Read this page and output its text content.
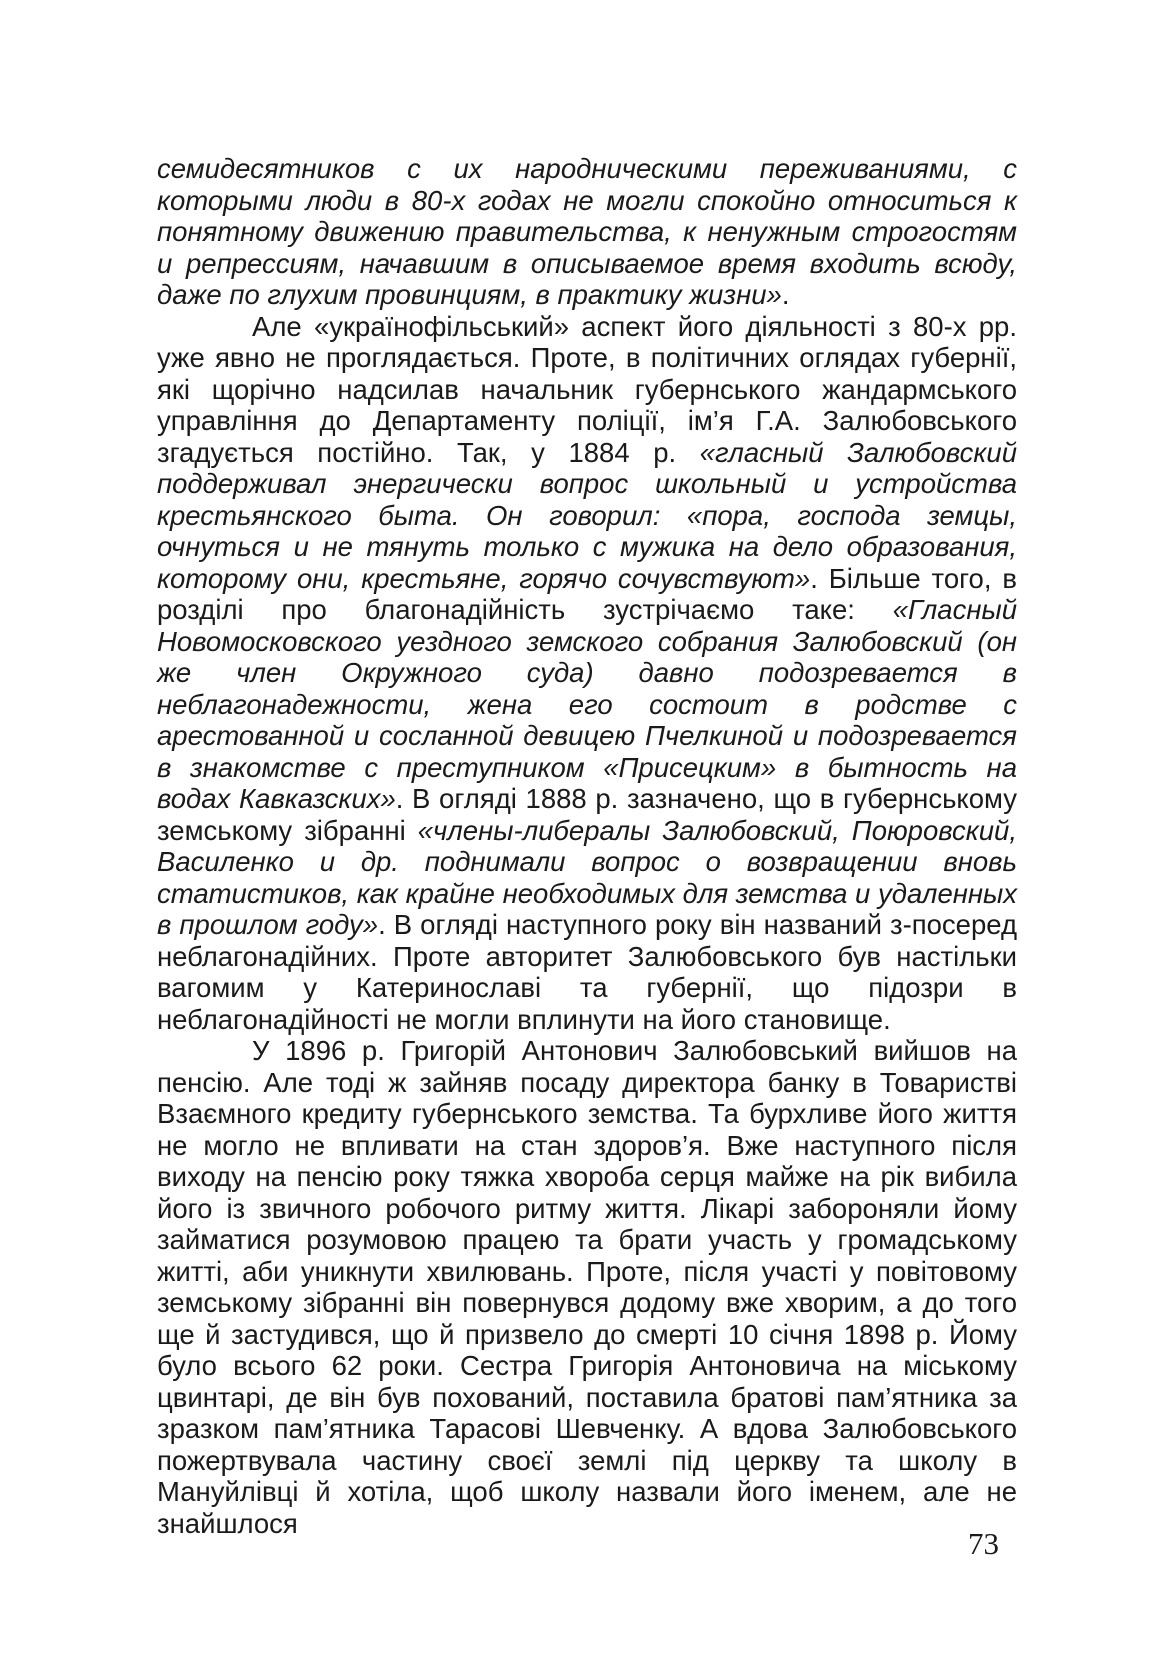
семидесятников с их народническими переживаниями, с которыми люди в 80-х годах не могли спокойно относиться к понятному движению правительства, к ненужным строгостям и репрессиям, начавшим в описываемое время входить всюду, даже по глухим провинциям, в практику жизни».

Але «українофільський» аспект його діяльності з 80-х рр. уже явно не проглядається. Проте, в політичних оглядах губернії, які щорічно надсилав начальник губернського жандармського управління до Департаменту поліції, ім’я Г.А. Залюбовського згадується постійно. Так, у 1884 р. «гласный Залюбовский поддерживал энергически вопрос школьный и устройства крестьянского быта. Он говорил: «пора, господа земцы, очнуться и не тянуть только с мужика на дело образования, которому они, крестьяне, горячо сочувствуют». Більше того, в розділі про благонадійність зустрічаємо таке: «Гласный Новомосковского уездного земского собрания Залюбовский (он же член Окружного суда) давно подозревается в неблагонадежности, жена его состоит в родстве с арестованной и сосланной девицею Пчелкиной и подозревается в знакомстве с преступником «Присецким» в бытность на водах Кавказских». В огляді 1888 р. зазначено, що в губернському земському зібранні «члены-либералы Залюбовский, Поюровский, Василенко и др. поднимали вопрос о возвращении вновь статистиков, как крайне необходимых для земства и удаленных в прошлом году». В огляді наступного року він названий з-посеред неблагонадійних. Проте авторитет Залюбовського був настільки вагомим у Катеринославі та губернії, що підозри в неблагонадійності не могли вплинути на його становище.

У 1896 р. Григорій Антонович Залюбовський вийшов на пенсію. Але тоді ж зайняв посаду директора банку в Товаристві Взаємного кредиту губернського земства. Та бурхливе його життя не могло не впливати на стан здоров’я. Вже наступного після виходу на пенсію року тяжка хвороба серця майже на рік вибила його із звичного робочого ритму життя. Лікарі забороняли йому займатися розумовою працею та брати участь у громадському житті, аби уникнути хвилювань. Проте, після участі у повітовому земському зібранні він повернувся додому вже хворим, а до того ще й застудився, що й призвело до смерті 10 січня 1898 р. Йому було всього 62 роки. Сестра Григорія Антоновича на міському цвинтарі, де він був похований, поставила братові пам’ятника за зразком пам’ятника Тарасові Шевченку. А вдова Залюбовського пожертвувала частину своєї землі під церкву та школу в Мануйлівці й хотіла, щоб школу назвали його іменем, але не знайшлося

73
